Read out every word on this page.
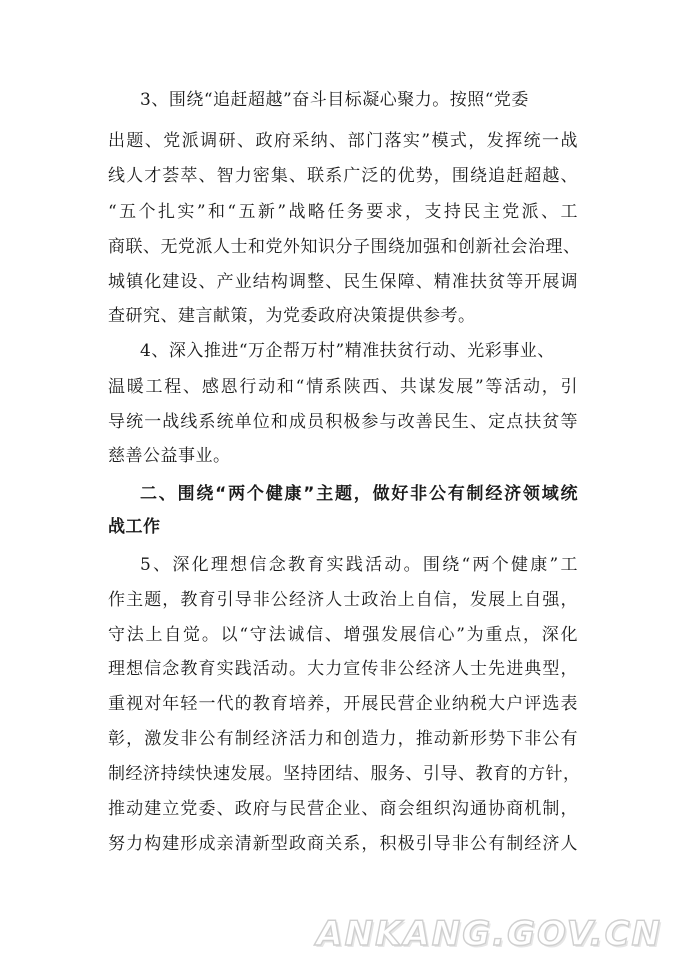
3、围绕“追赶超越”奋斗目标凝心聚力。按照“党委
出题、党派调研、政府采纳、部门落实”模式，发挥统一战
线人才荟萃、智力密集、联系广泛的优势，围绕追赶超越、
“五个扎实”和“五新”战略任务要求，支持民主党派、工
商联、无党派人士和党外知识分子围绕加强和创新社会治理、
城镇化建设、产业结构调整、民生保障、精准扶贫等开展调
查研究、建言献策，为党委政府决策提供参考。
4、深入推进“万企帮万村”精准扶贫行动、光彩事业、
温暖工程、感恩行动和“情系陕西、共谋发展”等活动，引
导统一战线系统单位和成员积极参与改善民生、定点扶贫等
慈善公益事业。
二、围绕“两个健康”主题，做好非公有制经济领域统
战工作
5、深化理想信念教育实践活动。围绕“两个健康”工
作主题，教育引导非公经济人士政治上自信，发展上自强，
守法上自觉。以“守法诚信、增强发展信心”为重点，深化
理想信念教育实践活动。大力宣传非公经济人士先进典型，
重视对年轻一代的教育培养，开展民营企业纳税大户评选表
彰，激发非公有制经济活力和创造力，推动新形势下非公有
制经济持续快速发展。坚持团结、服务、引导、教育的方针，
推动建立党委、政府与民营企业、商会组织沟通协商机制，
努力构建形成亲清新型政商关系，积极引导非公有制经济人
ANKANG.GOV.CN
